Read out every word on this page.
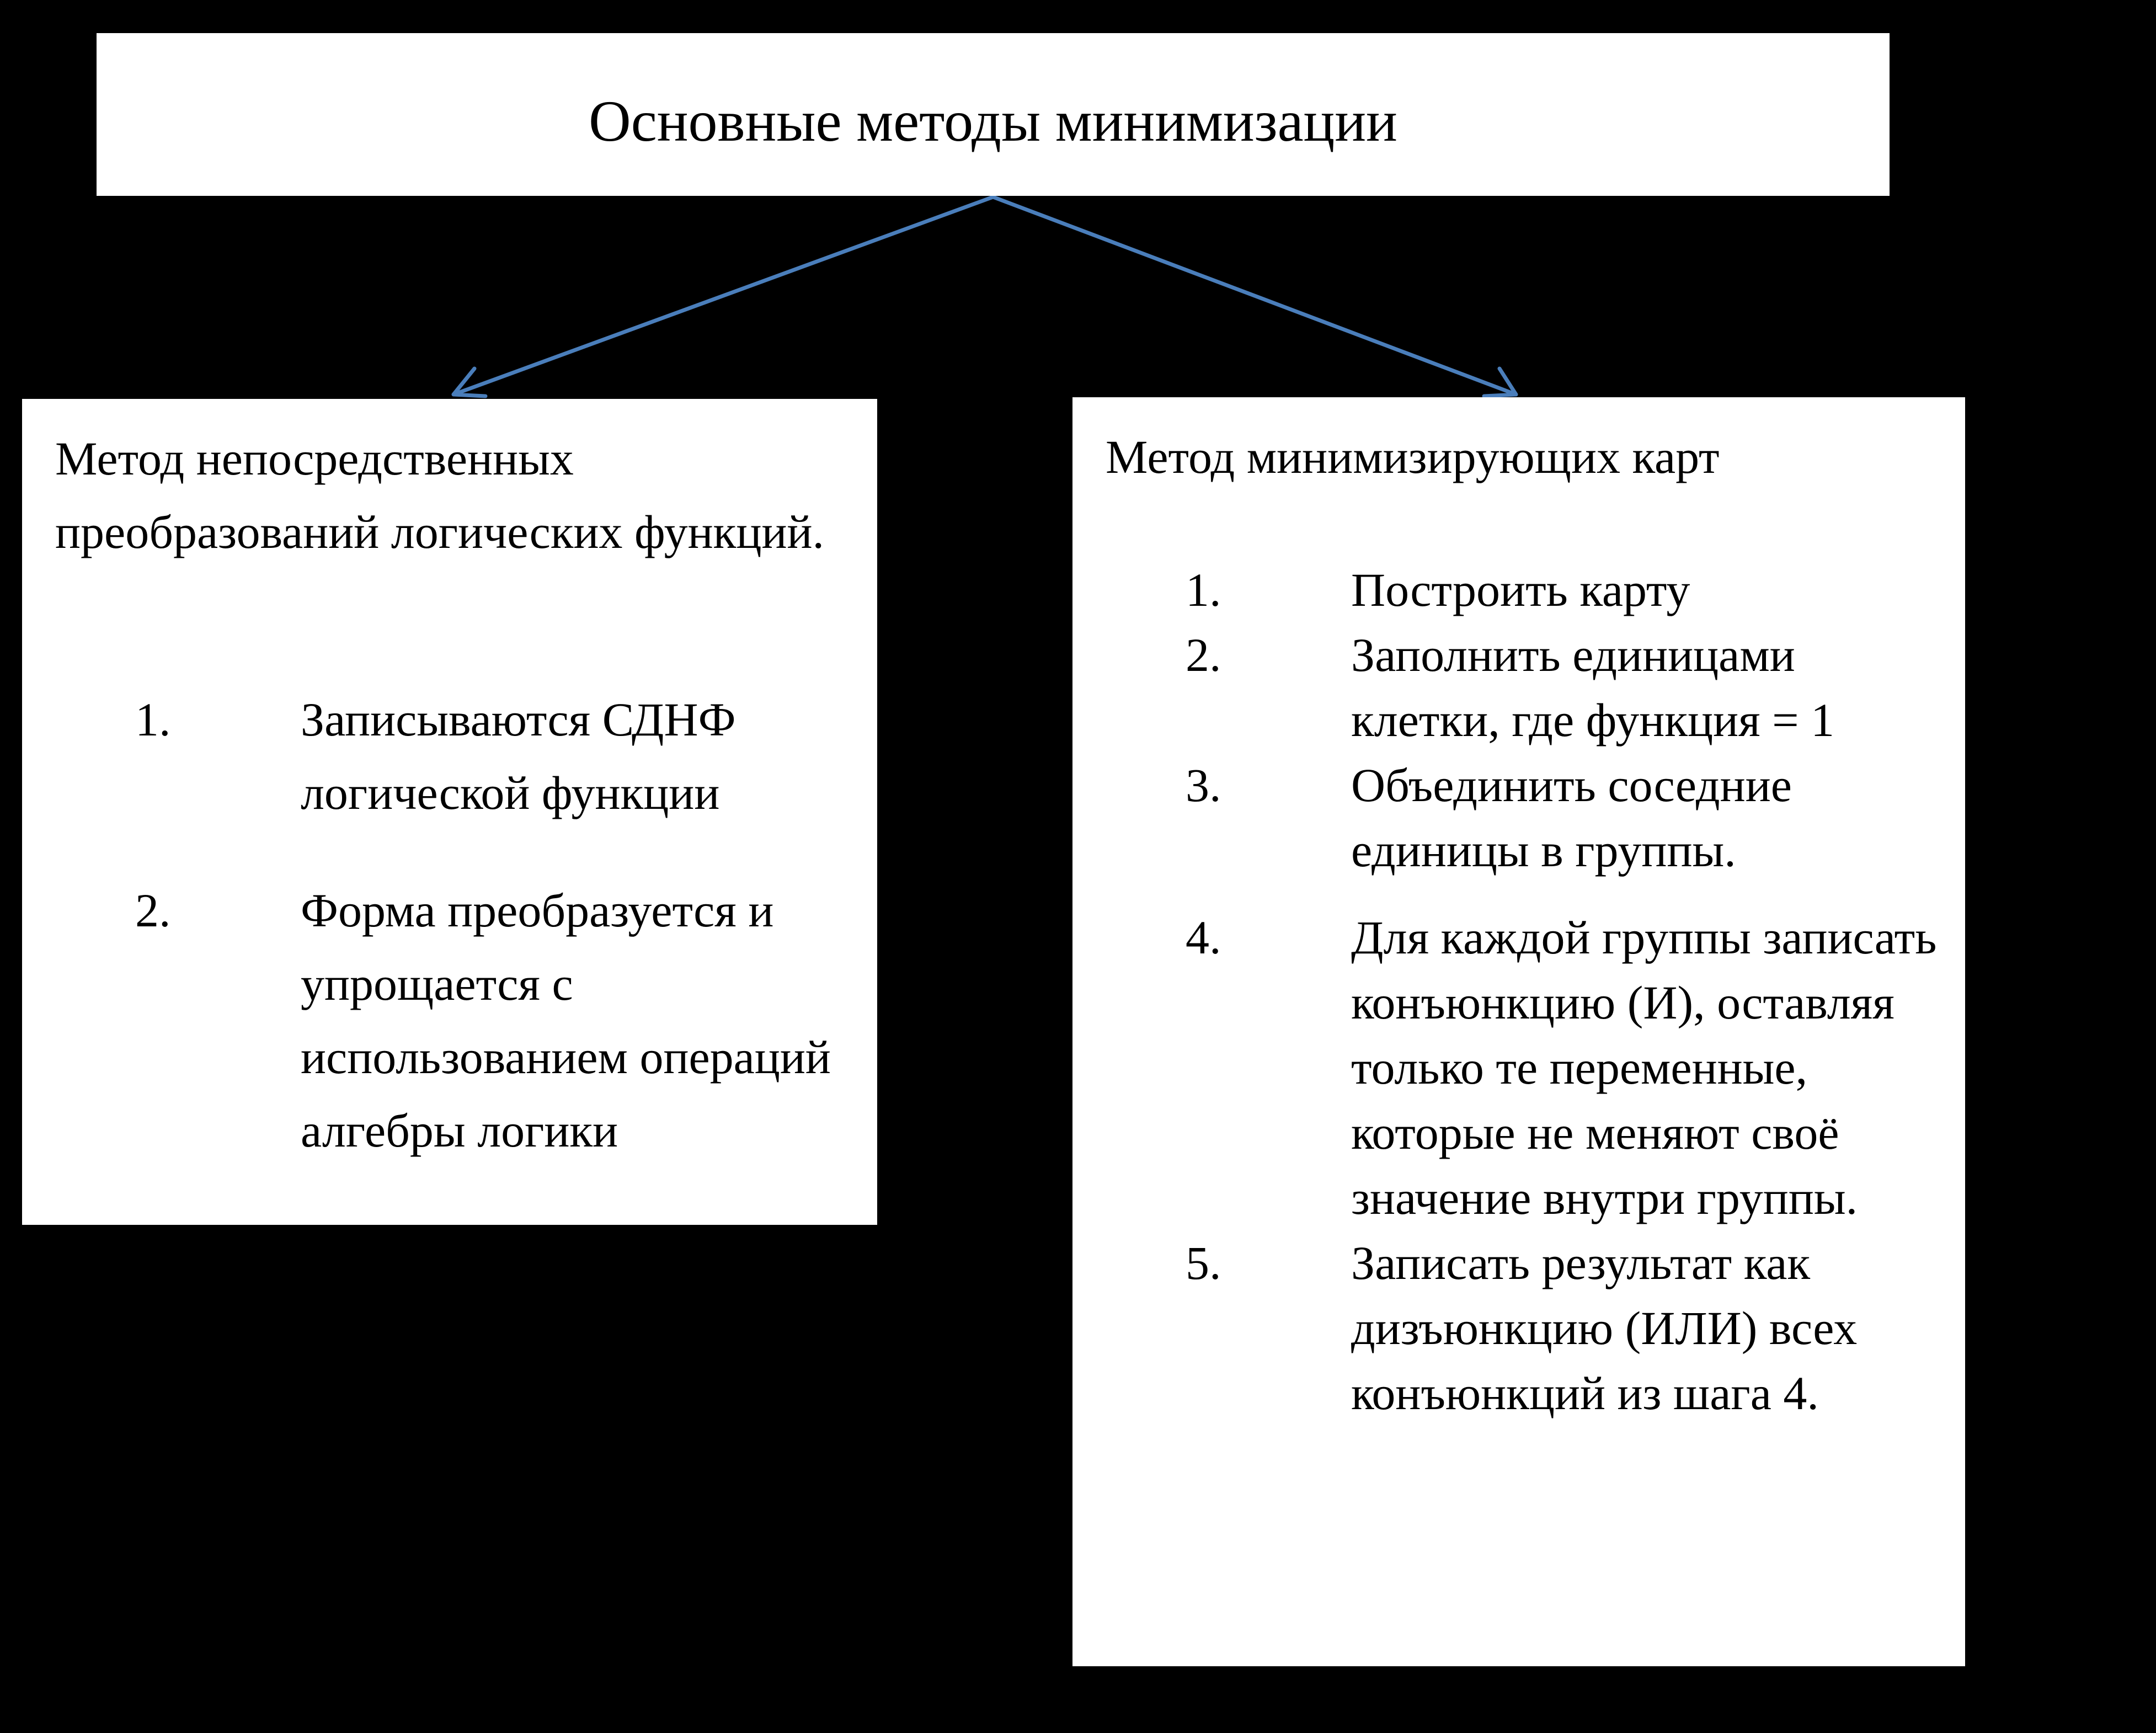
Основные методы минимизации
Метод непосредственных преобразований логических функций.
1.	Записываются СДНФ логической функции
2.	Форма преобразуется и упрощается с использованием операций алгебры логики
Метод минимизирующих карт
1.	Построить карту
2.	Заполнить единицами клетки, где функция = 1
3.	Объединить соседние единицы в группы.
4.	Для каждой группы записать конъюнкцию (И), оставляя только те переменные, которые не меняют своё значение внутри группы.
5.	Записать результат как дизъюнкцию (ИЛИ) всех конъюнкций из шага 4.
